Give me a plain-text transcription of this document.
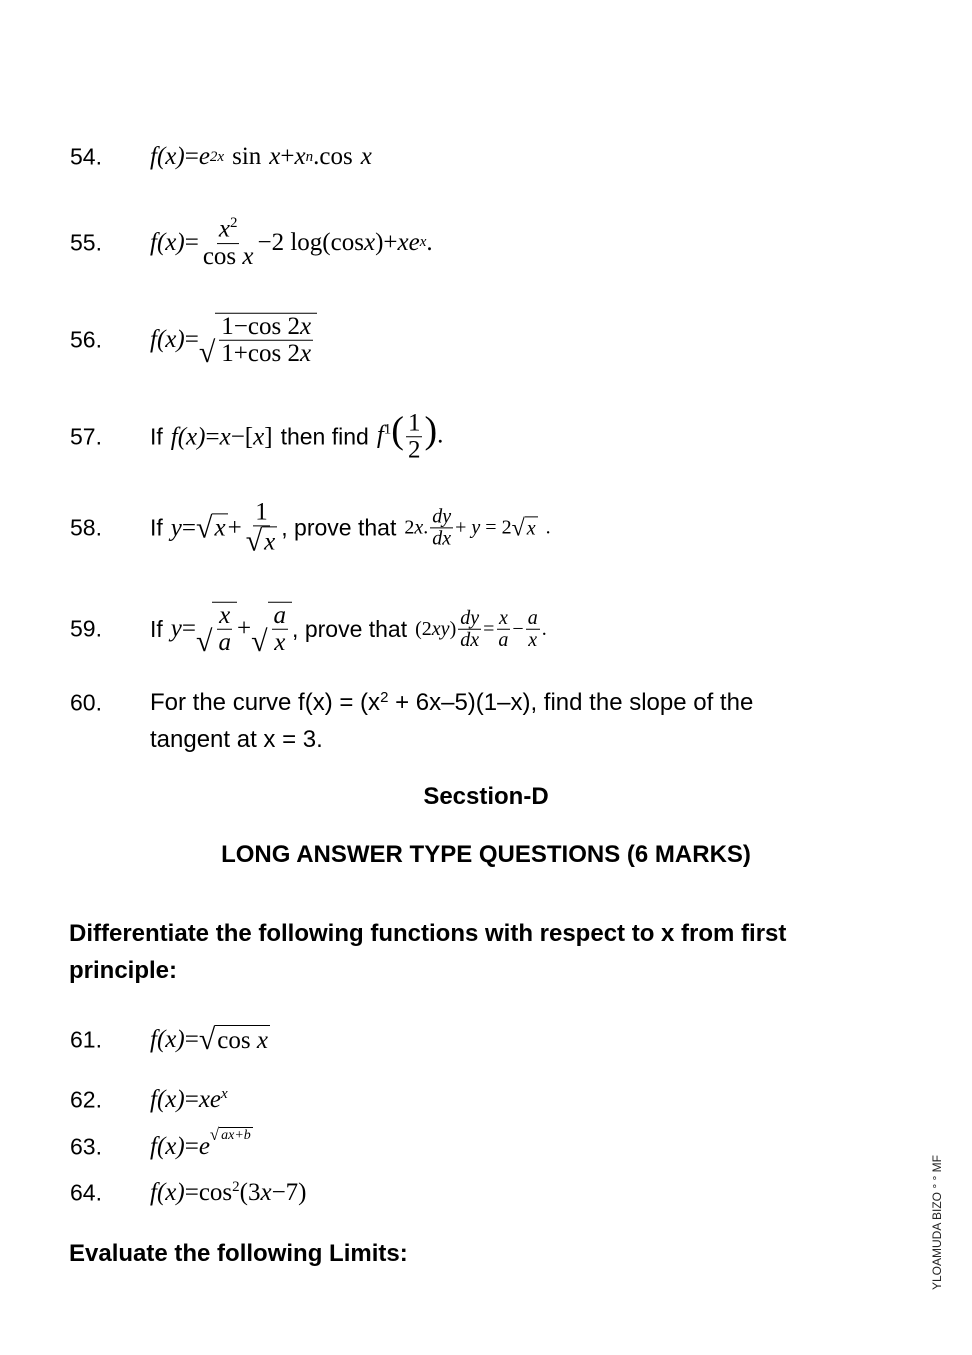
54. f (x) = e 2x sin x + x n .cos x
55. f $(x) = \frac{x^2}{\text{cos x}} -2$ log(cos x )+ xe x .
56. f (x) = √ $\frac{1-\cos 2x}{1+\cos 2x}$
57. If f(x)=x−[x] then find $f^1( \frac{1}{2}$ ).
58. If y = √ $x + \frac{1}{√ x}$ , prove that 2 x . $\frac{dy}{dx} + y = 2$ √ x .
59. If y = √ $\frac{x}{a}$ + √ $\frac{a}{x}$ , prove that (2 xy ) $\frac{dy}{dx} = \frac{x}{a} - \frac{a}{x}$ .
60. For the curve $f(x) = (x^2 + 6x-5)(1-x)$, find the slope of the
tangent at x = 3.
Secstion-D
LONG ANSWER TYPE QUESTIONS (6 MARKS)
Differentiate the following functions with respect to x from first principle:
61. f (x) = √ cos
x
62. f $(x) = xe^x$
63. f (x) = e √ ax+b
64. f $(x) = \cos^2 (3$ x −7)
Evaluate the following Limits:	YLOAMUDA BIZO ° ° MF
